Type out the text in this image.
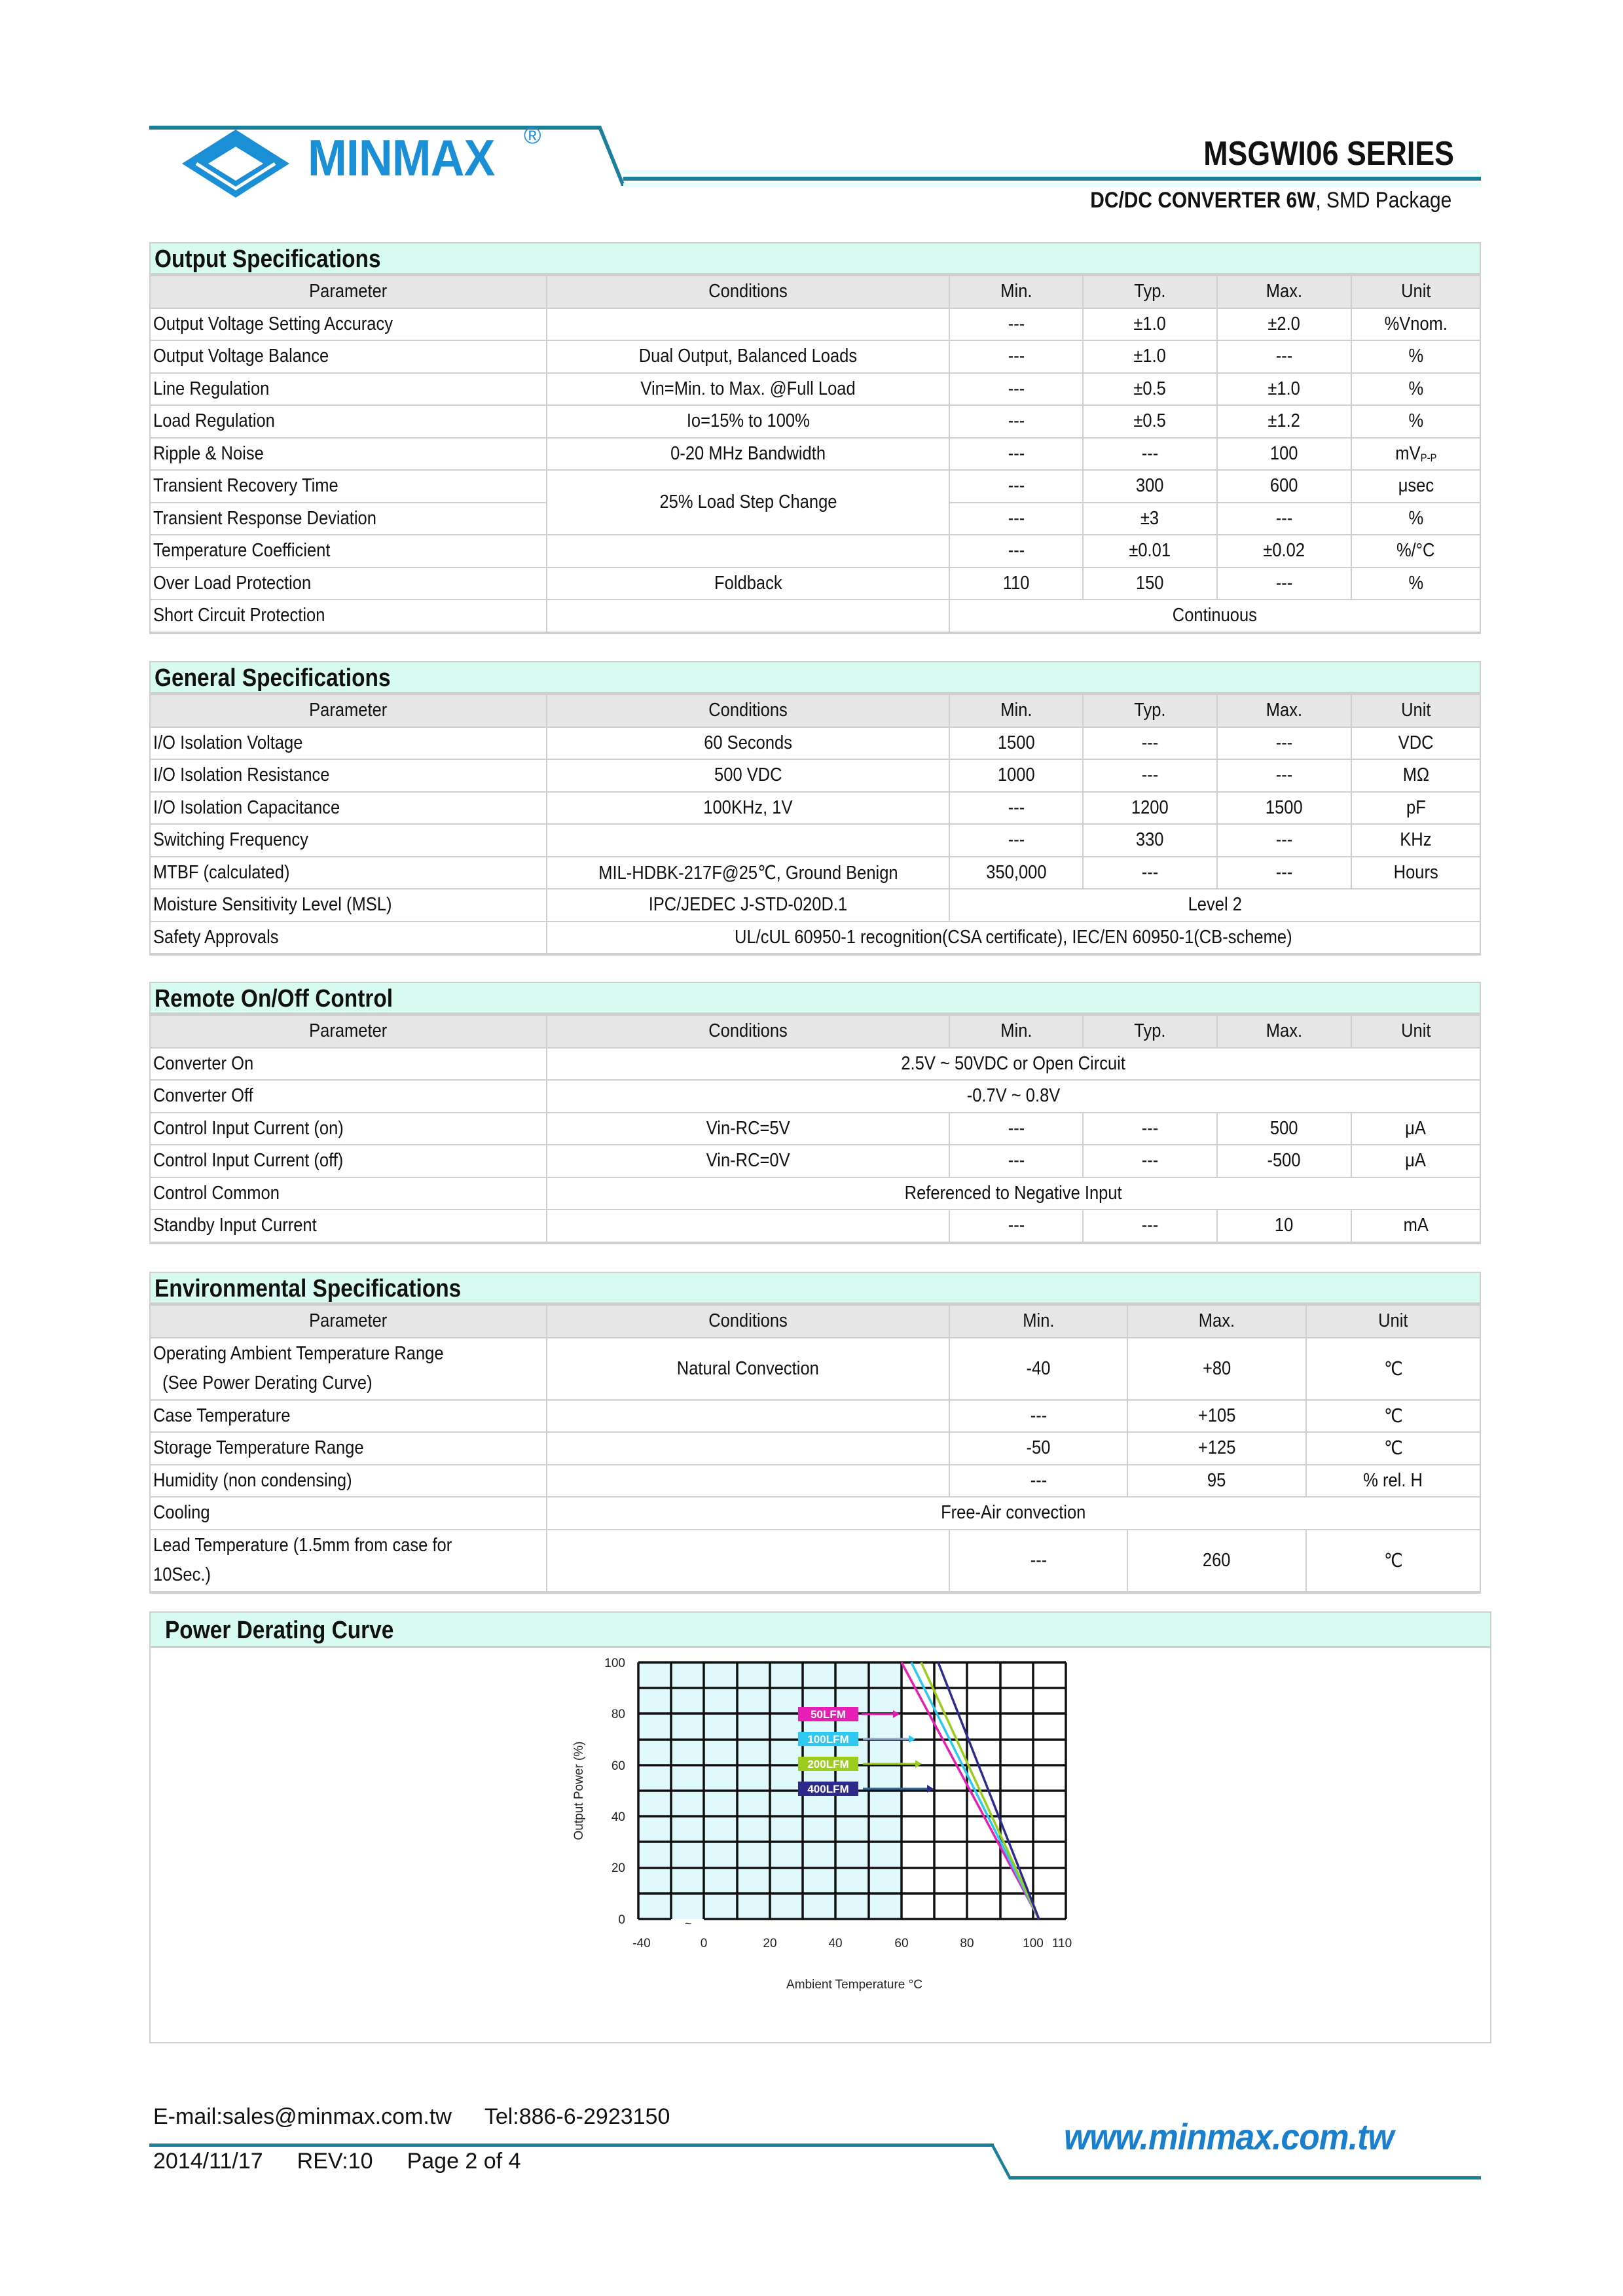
MINMAX ®	MSGWI06 SERIES
DC/DC CONVERTER 6W, SMD Package
Output Specifications
Parameter	Conditions	Min.	Typ.	Max.	Unit
Output Voltage Setting Accuracy		---	±1.0	±2.0	%Vnom.
Output Voltage Balance	Dual Output, Balanced Loads	---	±1.0	---	%
Line Regulation	Vin=Min. to Max. @Full Load	---	±0.5	±1.0	%
Load Regulation	Io=15% to 100%	---	±0.5	±1.2	%
Ripple & Noise	0-20 MHz Bandwidth	---	---	100	mVP-P
Transient Recovery Time	25% Load Step Change	---	300	600	μsec
Transient Response Deviation		---	±3	---	%
Temperature Coefficient		---	±0.01	±0.02	%/°C
Over Load Protection	Foldback	110	150	---	%
Short Circuit Protection		Continuous			
General Specifications
Parameter	Conditions	Min.	Typ.	Max.	Unit
I/O Isolation Voltage	60 Seconds	1500	---	---	VDC
I/O Isolation Resistance	500 VDC	1000	---	---	MΩ
I/O Isolation Capacitance	100KHz, 1V	---	1200	1500	pF
Switching Frequency		---	330	---	KHz
MTBF (calculated)	MIL-HDBK-217F@25℃, Ground Benign	350,000	---	---	Hours
Moisture Sensitivity Level (MSL)	IPC/JEDEC J-STD-020D.1	Level 2			
Safety Approvals	UL/cUL 60950-1 recognition(CSA certificate), IEC/EN 60950-1(CB-scheme)				
Remote On/Off Control
Parameter	Conditions	Min.	Typ.	Max.	Unit
Converter On	2.5V ~ 50VDC or Open Circuit				
Converter Off	-0.7V ~ 0.8V				
Control Input Current (on)	Vin-RC=5V	---	---	500	μA
Control Input Current (off)	Vin-RC=0V	---	---	-500	μA
Control Common	Referenced to Negative Input				
Standby Input Current		---	---	10	mA
Environmental Specifications
Parameter	Conditions	Min.	Max.	Unit
Operating Ambient Temperature Range
(See Power Derating Curve)	Natural Convection	-40	+80	℃
Case Temperature		---	+105	℃
Storage Temperature Range		-50	+125	℃
Humidity (non condensing)		---	95	% rel. H
Cooling	Free-Air convection			
Lead Temperature (1.5mm from case for
10Sec.)		---	260	℃
Power Derating Curve
~
50LFM
100LFM
200LFM
400LFM
100
80
60
40
20
0
-40	0	20	40	60	80	100 110
Ambient Temperature °C
Output Power (%)
E-mail:sales@minmax.com.tw Tel:886-6-2923150
2014/11/17 REV:10 Page 2 of 4
www.minmax.com.tw
